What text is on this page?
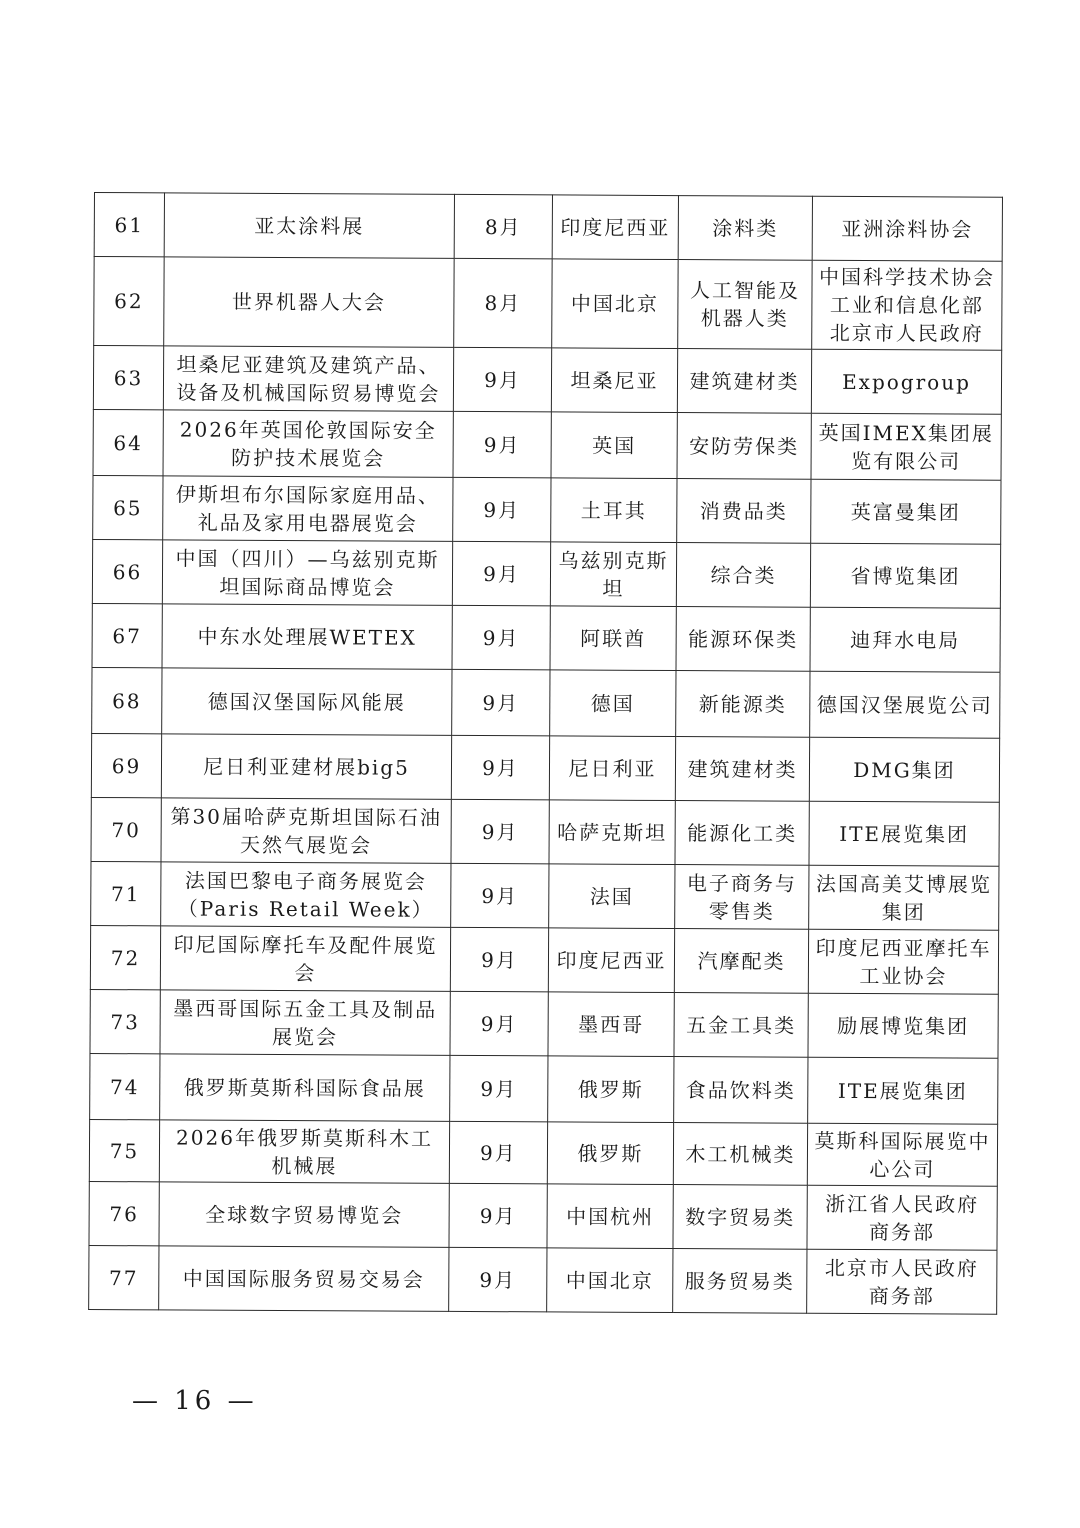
61	亚太涂料展	8月	印度尼西亚	涂料类	亚洲涂料协会

62	世界机器人大会	8月	中国北京	人工智能及机器人类	中国科学技术协会
工业和信息化部
北京市人民政府

63	坦桑尼亚建筑及建筑产品、设备及机械国际贸易博览会	9月	坦桑尼亚	建筑建材类	Expogroup

64	2026年英国伦敦国际安全防护技术展览会	9月	英国	安防劳保类	英国IMEX集团展览有限公司

65	伊斯坦布尔国际家庭用品、礼品及家用电器展览会	9月	土耳其	消费品类	英富曼集团

66	中国（四川）—乌兹别克斯坦国际商品博览会	9月	乌兹别克斯坦	综合类	省博览集团

67	中东水处理展WETEX	9月	阿联酋	能源环保类	迪拜水电局

68	德国汉堡国际风能展	9月	德国	新能源类	德国汉堡展览公司

69	尼日利亚建材展big5	9月	尼日利亚	建筑建材类	DMG集团

70	第30届哈萨克斯坦国际石油天然气展览会	9月	哈萨克斯坦	能源化工类	ITE展览集团

71	法国巴黎电子商务展览会（Paris Retail Week）	9月	法国	电子商务与零售类	法国高美艾博展览集团

72	印尼国际摩托车及配件展览会	9月	印度尼西亚	汽摩配类	印度尼西亚摩托车工业协会

73	墨西哥国际五金工具及制品展览会	9月	墨西哥	五金工具类	励展博览集团

74	俄罗斯莫斯科国际食品展	9月	俄罗斯	食品饮料类	ITE展览集团

75	2026年俄罗斯莫斯科木工机械展	9月	俄罗斯	木工机械类	莫斯科国际展览中心公司

76	全球数字贸易博览会	9月	中国杭州	数字贸易类	浙江省人民政府
商务部

77	中国国际服务贸易交易会	9月	中国北京	服务贸易类	北京市人民政府
商务部
— 16 —
